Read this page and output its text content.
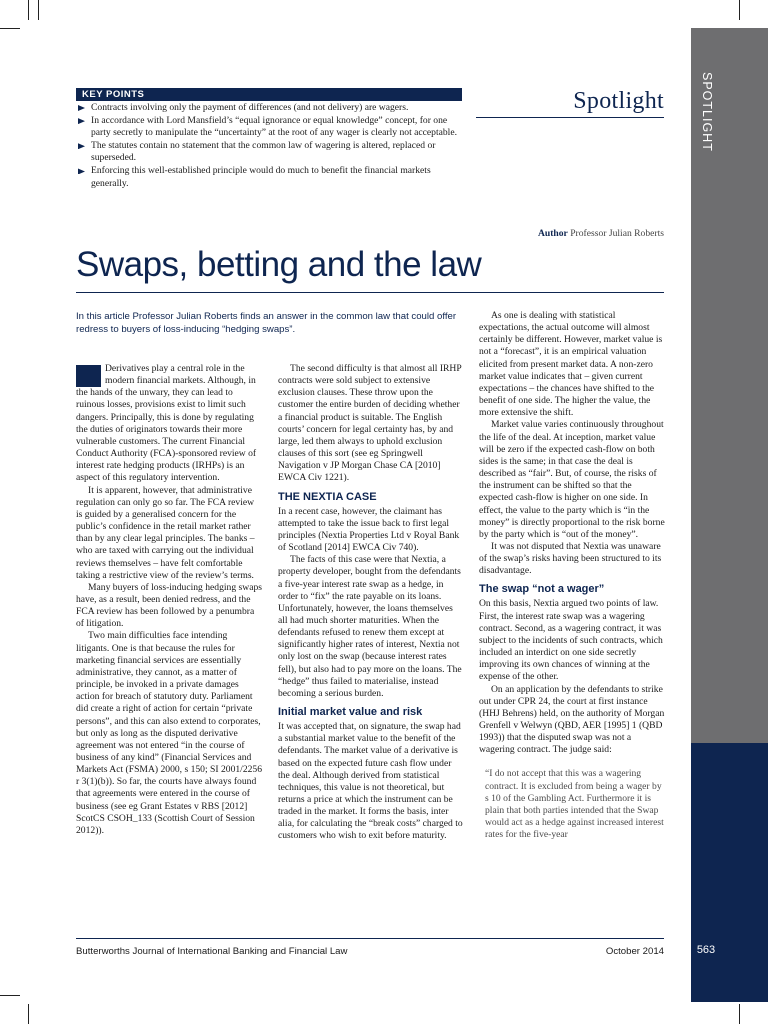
SPOTLIGHT
563
KEY POINTS
Contracts involving only the payment of differences (and not delivery) are wagers.
In accordance with Lord Mansfield’s “equal ignorance or equal knowledge” concept, for one party secretly to manipulate the “uncertainty” at the root of any wager is clearly not acceptable.
The statutes contain no statement that the common law of wagering is altered, replaced or superseded.
Enforcing this well-established principle would do much to benefit the financial markets generally.
Spotlight
Author Professor Julian Roberts
Swaps, betting and the law
In this article Professor Julian Roberts finds an answer in the common law that could offer redress to buyers of loss-inducing “hedging swaps”.

Derivatives play a central role in the modern financial markets. Although, in the hands of the unwary, they can lead to ruinous losses, provisions exist to limit such dangers. Principally, this is done by regulating the duties of originators towards their more vulnerable customers. The current Financial Conduct Authority (FCA)-sponsored review of interest rate hedging products (IRHPs) is an aspect of this regulatory intervention.

It is apparent, however, that administrative regulation can only go so far. The FCA review is guided by a generalised concern for the public’s confidence in the retail market rather than by any clear legal principles. The banks – who are taxed with carrying out the individual reviews themselves – have felt comfortable taking a restrictive view of the review’s terms.

Many buyers of loss-inducing hedging swaps have, as a result, been denied redress, and the FCA review has been followed by a penumbra of litigation.

Two main difficulties face intending litigants. One is that because the rules for marketing financial services are essentially administrative, they cannot, as a matter of principle, be invoked in a private damages action for breach of statutory duty. Parliament did create a right of action for certain “private persons”, and this can also extend to corporates, but only as long as the disputed derivative agreement was not entered “in the course of business of any kind” (Financial Services and Markets Act (FSMA) 2000, s 150; SI 2001/2256 r 3(1)(b)). So far, the courts have always found that agreements were entered in the course of business (see eg Grant Estates v RBS [2012] ScotCS CSOH_133 (Scottish Court of Session 2012)).

The second difficulty is that almost all IRHP contracts were sold subject to extensive exclusion clauses. These throw upon the customer the entire burden of deciding whether a financial product is suitable. The English courts’ concern for legal certainty has, by and large, led them always to uphold exclusion clauses of this sort (see eg Springwell Navigation v JP Morgan Chase CA [2010] EWCA Civ 1221).

THE NEXTIA CASE

In a recent case, however, the claimant has attempted to take the issue back to first legal principles (Nextia Properties Ltd v Royal Bank of Scotland [2014] EWCA Civ 740).

The facts of this case were that Nextia, a property developer, bought from the defendants a five-year interest rate swap as a hedge, in order to “fix” the rate payable on its loans. Unfortunately, however, the loans themselves all had much shorter maturities. When the defendants refused to renew them except at significantly higher rates of interest, Nextia not only lost on the swap (because interest rates fell), but also had to pay more on the loans. The “hedge” thus failed to materialise, instead becoming a serious burden.

Initial market value and risk

It was accepted that, on signature, the swap had a substantial market value to the benefit of the defendants. The market value of a derivative is based on the expected future cash flow under the deal. Although derived from statistical techniques, this value is not theoretical, but returns a price at which the instrument can be traded in the market. It forms the basis, inter alia, for calculating the “break costs” charged to customers who wish to exit before maturity.

As one is dealing with statistical expectations, the actual outcome will almost certainly be different. However, market value is not a “forecast”, it is an empirical valuation elicited from present market data. A non-zero market value indicates that – given current expectations – the chances have shifted to the benefit of one side. The higher the value, the more extensive the shift.

Market value varies continuously throughout the life of the deal. At inception, market value will be zero if the expected cash-flow on both sides is the same; in that case the deal is described as “fair”. But, of course, the risks of the instrument can be shifted so that the expected cash-flow is higher on one side. In effect, the value to the party which is “in the money” is directly proportional to the risk borne by the party which is “out of the money”.

It was not disputed that Nextia was unaware of the swap’s risks having been structured to its disadvantage.

The swap “not a wager”

On this basis, Nextia argued two points of law. First, the interest rate swap was a wagering contract. Second, as a wagering contract, it was subject to the incidents of such contracts, which included an interdict on one side secretly improving its own chances of winning at the expense of the other.

On an application by the defendants to strike out under CPR 24, the court at first instance (HHJ Behrens) held, on the authority of Morgan Grenfell v Welwyn (QBD, AER [1995] 1 (QBD 1993)) that the disputed swap was not a wagering contract. The judge said:

“I do not accept that this was a wagering contract. It is excluded from being a wager by s 10 of the Gambling Act. Furthermore it is plain that both parties intended that the Swap would act as a hedge against increased interest rates for the five-year
Butterworths Journal of International Banking and Financial Law	October 2014
